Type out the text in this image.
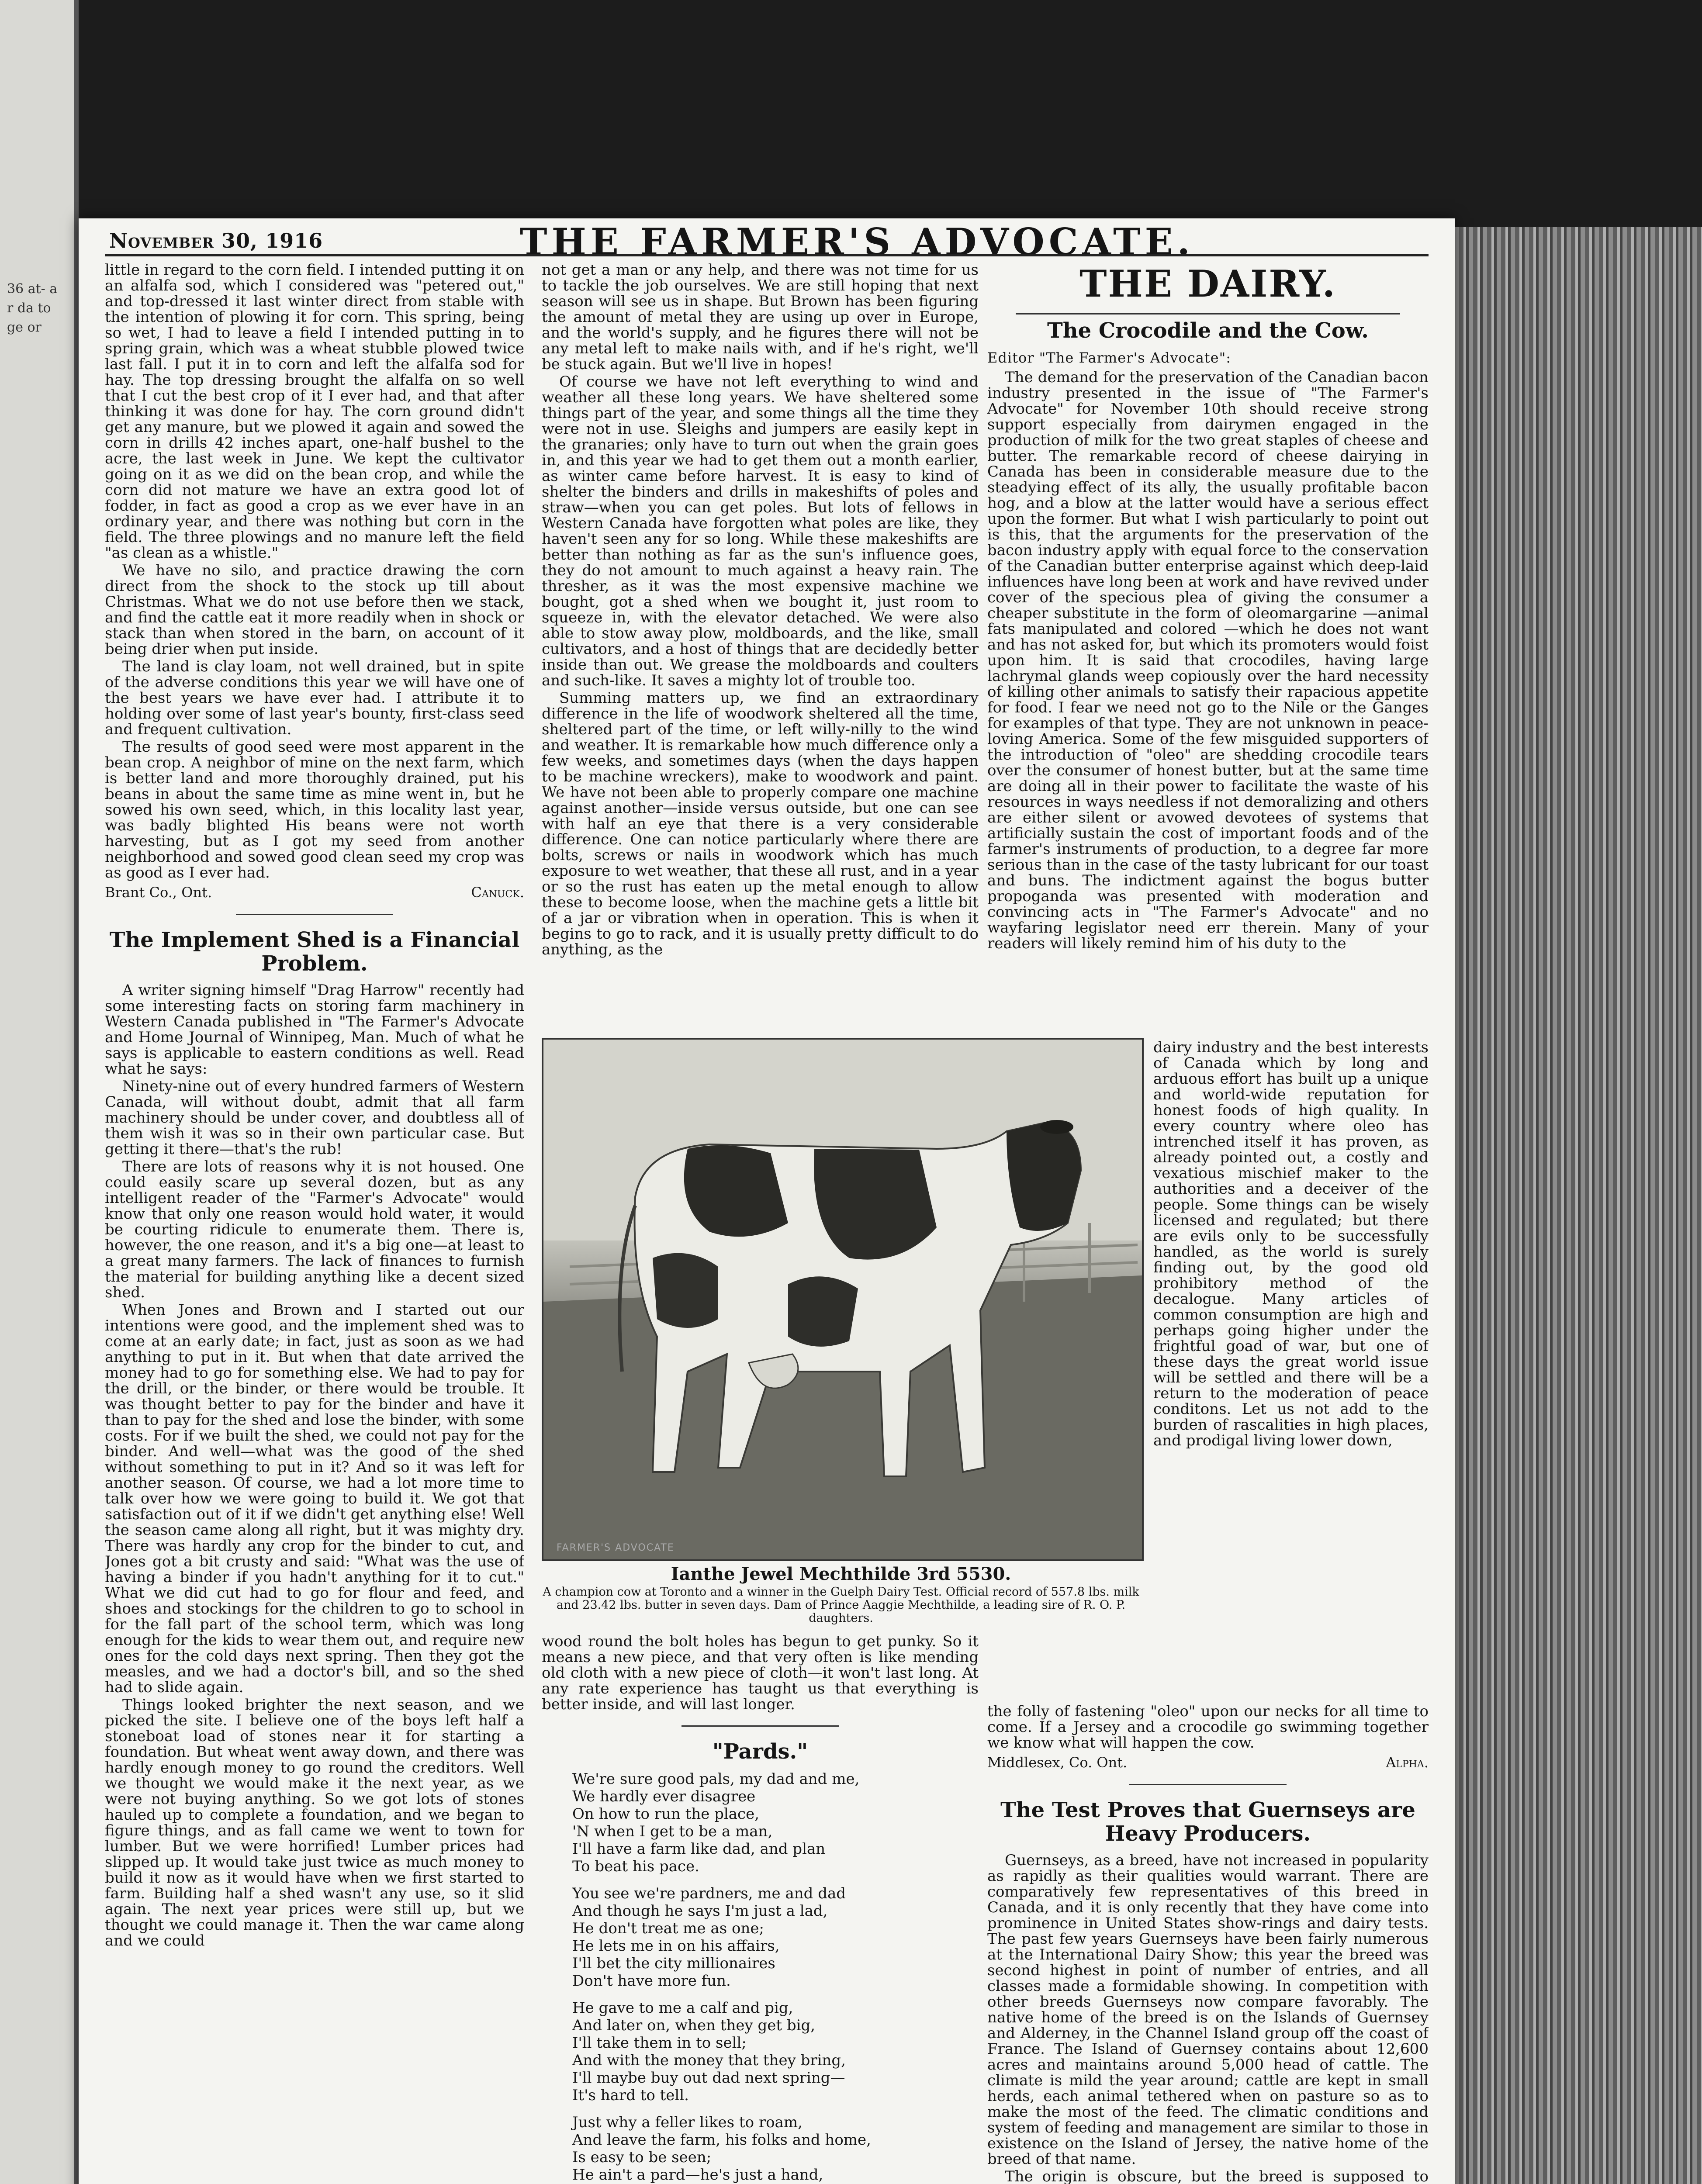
36 at- ar da to ge or
November 30, 1916	THE FARMER'S ADVOCATE.

little in regard to the corn field. I intended putting it on an alfalfa sod, which I considered was "petered out," and top-dressed it last winter direct from stable with the intention of plowing it for corn. This spring, being so wet, I had to leave a field I intended putting in to spring grain, which was a wheat stubble plowed twice last fall. I put it in to corn and left the alfalfa sod for hay. The top dressing brought the alfalfa on so well that I cut the best crop of it I ever had, and that after thinking it was done for hay. The corn ground didn't get any manure, but we plowed it again and sowed the corn in drills 42 inches apart, one-half bushel to the acre, the last week in June. We kept the cultivator going on it as we did on the bean crop, and while the corn did not mature we have an extra good lot of fodder, in fact as good a crop as we ever have in an ordinary year, and there was nothing but corn in the field. The three plowings and no manure left the field "as clean as a whistle."

We have no silo, and practice drawing the corn direct from the shock to the stock up till about Christmas. What we do not use before then we stack, and find the cattle eat it more readily when in shock or stack than when stored in the barn, on account of it being drier when put inside.

The land is clay loam, not well drained, but in spite of the adverse conditions this year we will have one of the best years we have ever had. I attribute it to holding over some of last year's bounty, first-class seed and frequent cultivation.

The results of good seed were most apparent in the bean crop. A neighbor of mine on the next farm, which is better land and more thoroughly drained, put his beans in about the same time as mine went in, but he sowed his own seed, which, in this locality last year, was badly blighted His beans were not worth harvesting, but as I got my seed from another neighborhood and sowed good clean seed my crop was as good as I ever had.

Brant Co., Ont.	Canuck.
The Implement Shed is a Financial Problem.

A writer signing himself "Drag Harrow" recently had some interesting facts on storing farm machinery in Western Canada published in "The Farmer's Advocate and Home Journal of Winnipeg, Man. Much of what he says is applicable to eastern conditions as well. Read what he says:

Ninety-nine out of every hundred farmers of Western Canada, will without doubt, admit that all farm machinery should be under cover, and doubtless all of them wish it was so in their own particular case. But getting it there—that's the rub!

There are lots of reasons why it is not housed. One could easily scare up several dozen, but as any intelligent reader of the "Farmer's Advocate" would know that only one reason would hold water, it would be courting ridicule to enumerate them. There is, however, the one reason, and it's a big one—at least to a great many farmers. The lack of finances to furnish the material for building anything like a decent sized shed.

When Jones and Brown and I started out our intentions were good, and the implement shed was to come at an early date; in fact, just as soon as we had anything to put in it. But when that date arrived the money had to go for something else. We had to pay for the drill, or the binder, or there would be trouble. It was thought better to pay for the binder and have it than to pay for the shed and lose the binder, with some costs. For if we built the shed, we could not pay for the binder. And well—what was the good of the shed without something to put in it? And so it was left for another season. Of course, we had a lot more time to talk over how we were going to build it. We got that satisfaction out of it if we didn't get anything else! Well the season came along all right, but it was mighty dry. There was hardly any crop for the binder to cut, and Jones got a bit crusty and said: "What was the use of having a binder if you hadn't anything for it to cut." What we did cut had to go for flour and feed, and shoes and stockings for the children to go to school in for the fall part of the school term, which was long enough for the kids to wear them out, and require new ones for the cold days next spring. Then they got the measles, and we had a doctor's bill, and so the shed had to slide again.

Things looked brighter the next season, and we picked the site. I believe one of the boys left half a stoneboat load of stones near it for starting a foundation. But wheat went away down, and there was hardly enough money to go round the creditors. Well we thought we would make it the next year, as we were not buying anything. So we got lots of stones hauled up to complete a foundation, and we began to figure things, and as fall came we went to town for lumber. But we were horrified! Lumber prices had slipped up. It would take just twice as much money to build it now as it would have when we first started to farm. Building half a shed wasn't any use, so it slid again. The next year prices were still up, but we thought we could manage it. Then the war came along and we could

not get a man or any help, and there was not time for us to tackle the job ourselves. We are still hoping that next season will see us in shape. But Brown has been figuring the amount of metal they are using up over in Europe, and the world's supply, and he figures there will not be any metal left to make nails with, and if he's right, we'll be stuck again. But we'll live in hopes!

Of course we have not left everything to wind and weather all these long years. We have sheltered some things part of the year, and some things all the time they were not in use. Sleighs and jumpers are easily kept in the granaries; only have to turn out when the grain goes in, and this year we had to get them out a month earlier, as winter came before harvest. It is easy to kind of shelter the binders and drills in makeshifts of poles and straw—when you can get poles. But lots of fellows in Western Canada have forgotten what poles are like, they haven't seen any for so long. While these makeshifts are better than nothing as far as the sun's influence goes, they do not amount to much against a heavy rain. The thresher, as it was the most expensive machine we bought, got a shed when we bought it, just room to squeeze in, with the elevator detached. We were also able to stow away plow, moldboards, and the like, small cultivators, and a host of things that are decidedly better inside than out. We grease the moldboards and coulters and such-like. It saves a mighty lot of trouble too.

Summing matters up, we find an extraordinary difference in the life of woodwork sheltered all the time, sheltered part of the time, or left willy-nilly to the wind and weather. It is remarkable how much difference only a few weeks, and sometimes days (when the days happen to be machine wreckers), make to woodwork and paint. We have not been able to properly compare one machine against another—inside versus outside, but one can see with half an eye that there is a very considerable difference. One can notice particularly where there are bolts, screws or nails in woodwork which has much exposure to wet weather, that these all rust, and in a year or so the rust has eaten up the metal enough to allow these to become loose, when the machine gets a little bit of a jar or vibration when in operation. This is when it begins to go to rack, and it is usually pretty difficult to do anything, as the

FARMER'S ADVOCATE
Ianthe Jewel Mechthilde 3rd 5530.
A champion cow at Toronto and a winner in the Guelph Dairy Test. Official record of 557.8 lbs. milk and 23.42 lbs. butter in seven days. Dam of Prince Aaggie Mechthilde, a leading sire of R. O. P. daughters.

wood round the bolt holes has begun to get punky. So it means a new piece, and that very often is like mending old cloth with a new piece of cloth—it won't last long. At any rate experience has taught us that everything is better inside, and will last longer.

"Pards."

We're sure good pals, my dad and me,
We hardly ever disagree
On how to run the place,
'N when I get to be a man,
I'll have a farm like dad, and plan
To beat his pace.

You see we're pardners, me and dad
And though he says I'm just a lad,
He don't treat me as one;
He lets me in on his affairs,
I'll bet the city millionaires
Don't have more fun.

He gave to me a calf and pig,
And later on, when they get big,
I'll take them in to sell;
And with the money that they bring,
I'll maybe buy out dad next spring—
It's hard to tell.

Just why a feller likes to roam,
And leave the farm, his folks and home,
Is easy to be seen;
He ain't a pard—he's just a hand,

THE DAIRY.
The Crocodile and the Cow.
Editor "The Farmer's Advocate":

The demand for the preservation of the Canadian bacon industry presented in the issue of "The Farmer's Advocate" for November 10th should receive strong support especially from dairymen engaged in the production of milk for the two great staples of cheese and butter. The remarkable record of cheese dairying in Canada has been in considerable measure due to the steadying effect of its ally, the usually profitable bacon hog, and a blow at the latter would have a serious effect upon the former. But what I wish particularly to point out is this, that the arguments for the preservation of the bacon industry apply with equal force to the conservation of the Canadian butter enterprise against which deep-laid influences have long been at work and have revived under cover of the specious plea of giving the consumer a cheaper substitute in the form of oleomargarine —animal fats manipulated and colored —which he does not want and has not asked for, but which its promoters would foist upon him. It is said that crocodiles, having large lachrymal glands weep copiously over the hard necessity of killing other animals to satisfy their rapacious appetite for food. I fear we need not go to the Nile or the Ganges for examples of that type. They are not unknown in peace-loving America. Some of the few misguided supporters of the introduction of "oleo" are shedding crocodile tears over the consumer of honest butter, but at the same time are doing all in their power to facilitate the waste of his resources in ways needless if not demoralizing and others are either silent or avowed devotees of systems that artificially sustain the cost of important foods and of the farmer's instruments of production, to a degree far more serious than in the case of the tasty lubricant for our toast and buns. The indictment against the bogus butter propoganda was presented with moderation and convincing acts in "The Farmer's Advocate" and no wayfaring legislator need err therein. Many of your readers will likely remind him of his duty to the

dairy industry and the best interests of Canada which by long and arduous effort has built up a unique and world-wide reputation for honest foods of high quality. In every country where oleo has intrenched itself it has proven, as already pointed out, a costly and vexatious mischief maker to the authorities and a deceiver of the people. Some things can be wisely licensed and regulated; but there are evils only to be successfully handled, as the world is surely finding out, by the good old prohibitory method of the decalogue. Many articles of common consumption are high and perhaps going higher under the frightful goad of war, but one of these days the great world issue will be settled and there will be a return to the moderation of peace conditons. Let us not add to the burden of rascalities in high places, and prodigal living lower down,

the folly of fastening "oleo" upon our necks for all time to come. If a Jersey and a crocodile go swimming together we know what will happen the cow.

Middlesex, Co. Ont.	Alpha.
The Test Proves that Guernseys are Heavy Producers.

Guernseys, as a breed, have not increased in popularity as rapidly as their qualities would warrant. There are comparatively few representatives of this breed in Canada, and it is only recently that they have come into prominence in United States show-rings and dairy tests. The past few years Guernseys have been fairly numerous at the International Dairy Show; this year the breed was second highest in point of number of entries, and all classes made a formidable showing. In competition with other breeds Guernseys now compare favorably. The native home of the breed is on the Islands of Guernsey and Alderney, in the Channel Island group off the coast of France. The Island of Guernsey contains about 12,600 acres and maintains around 5,000 head of cattle. The climate is mild the year around; cattle are kept in small herds, each animal tethered when on pasture so as to make the most of the feed. The climatic conditions and system of feeding and management are similar to those in existence on the Island of Jersey, the native home of the breed of that name.

The origin is obscure, but the breed is supposed to
